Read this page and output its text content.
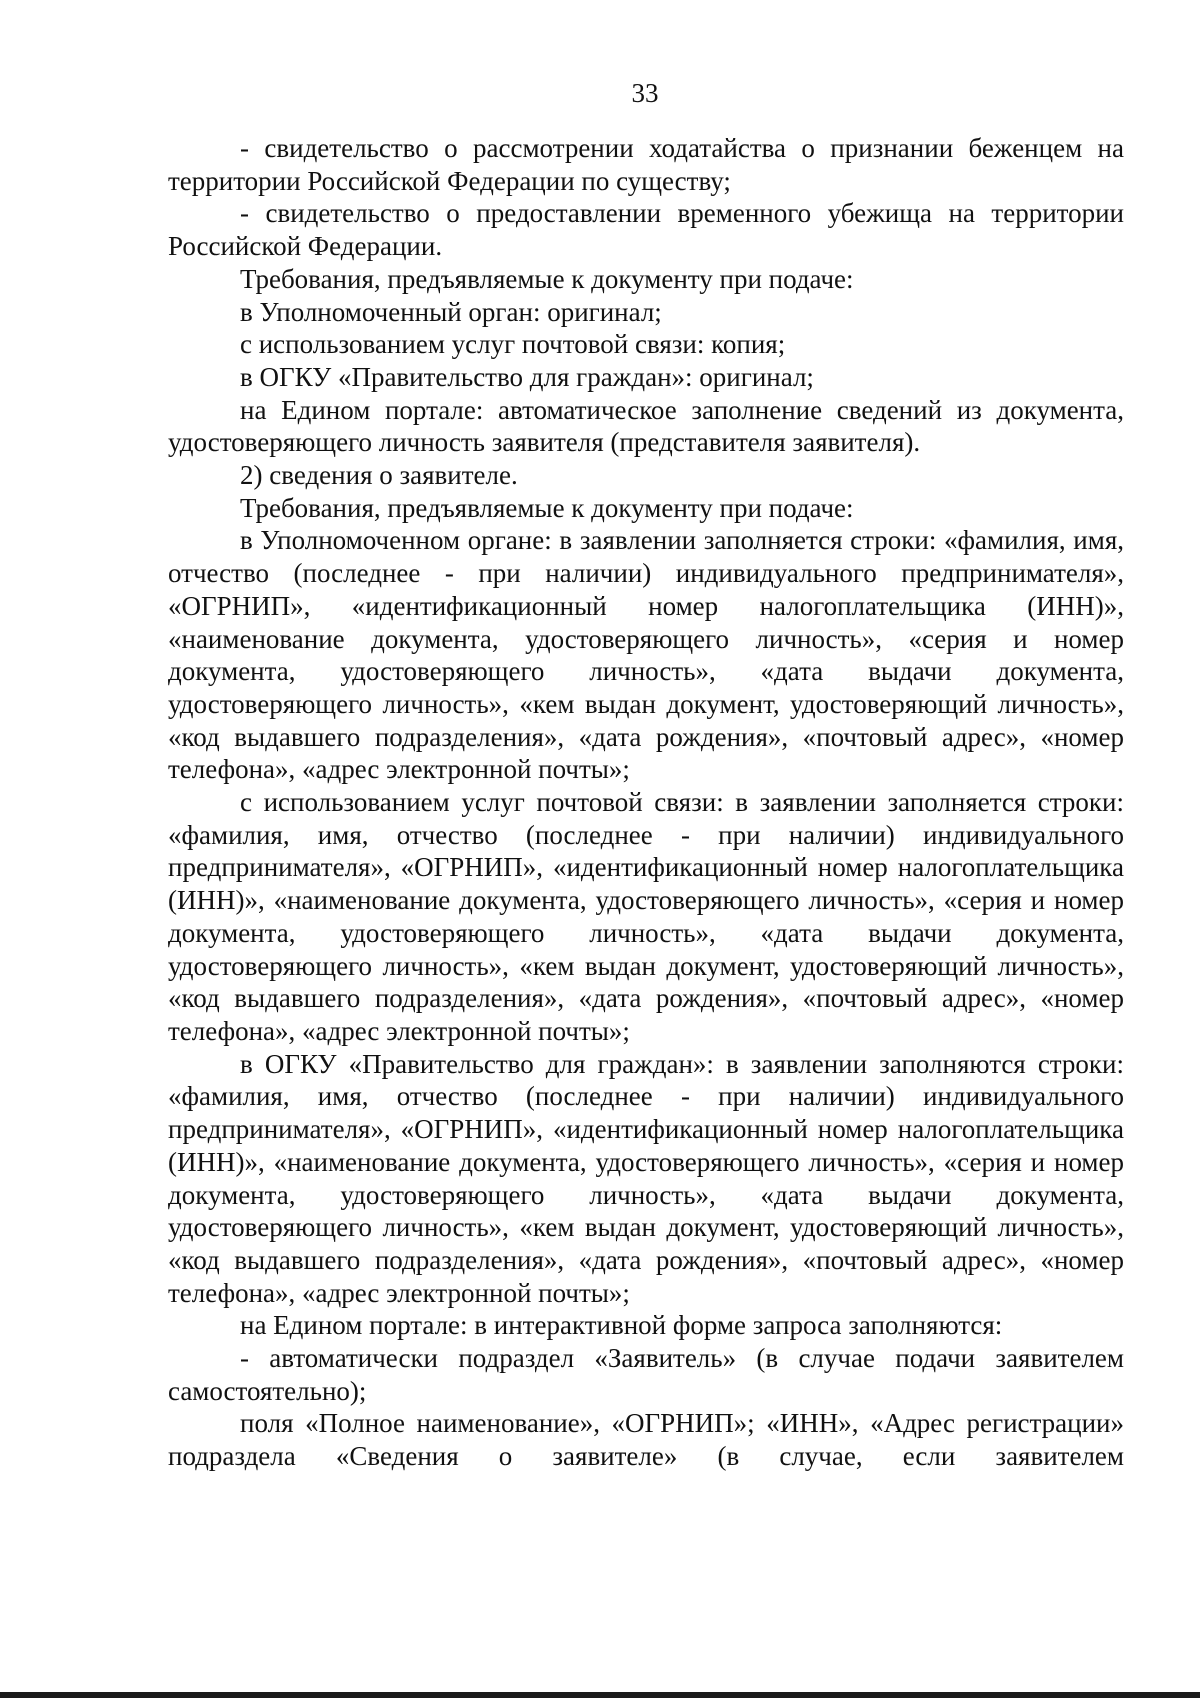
33

- свидетельство о рассмотрении ходатайства о признании беженцем на территории Российской Федерации по существу;

- свидетельство о предоставлении временного убежища на территории Российской Федерации.

Требования, предъявляемые к документу при подаче:

в Уполномоченный орган: оригинал;

с использованием услуг почтовой связи: копия;

в ОГКУ «Правительство для граждан»: оригинал;

на Едином портале: автоматическое заполнение сведений из документа, удостоверяющего личность заявителя (представителя заявителя).

2) сведения о заявителе.

Требования, предъявляемые к документу при подаче:

в Уполномоченном органе: в заявлении заполняется строки: «фамилия, имя, отчество (последнее - при наличии) индивидуального предпринимателя», «ОГРНИП», «идентификационный номер налогоплательщика (ИНН)», «наименование документа, удостоверяющего личность», «серия и номер документа, удостоверяющего личность», «дата выдачи документа, удостоверяющего личность», «кем выдан документ, удостоверяющий личность», «код выдавшего подразделения», «дата рождения», «почтовый адрес», «номер телефона», «адрес электронной почты»;

с использованием услуг почтовой связи: в заявлении заполняется строки: «фамилия, имя, отчество (последнее - при наличии) индивидуального предпринимателя», «ОГРНИП», «идентификационный номер налогоплательщика (ИНН)», «наименование документа, удостоверяющего личность», «серия и номер документа, удостоверяющего личность», «дата выдачи документа, удостоверяющего личность», «кем выдан документ, удостоверяющий личность», «код выдавшего подразделения», «дата рождения», «почтовый адрес», «номер телефона», «адрес электронной почты»;

в ОГКУ «Правительство для граждан»: в заявлении заполняются строки: «фамилия, имя, отчество (последнее - при наличии) индивидуального предпринимателя», «ОГРНИП», «идентификационный номер налогоплательщика (ИНН)», «наименование документа, удостоверяющего личность», «серия и номер документа, удостоверяющего личность», «дата выдачи документа, удостоверяющего личность», «кем выдан документ, удостоверяющий личность», «код выдавшего подразделения», «дата рождения», «почтовый адрес», «номер телефона», «адрес электронной почты»;

на Едином портале: в интерактивной форме запроса заполняются:

- автоматически подраздел «Заявитель» (в случае подачи заявителем самостоятельно);

поля «Полное наименование», «ОГРНИП»; «ИНН», «Адрес регистрации» подраздела «Сведения о заявителе» (в случае, если заявителем
